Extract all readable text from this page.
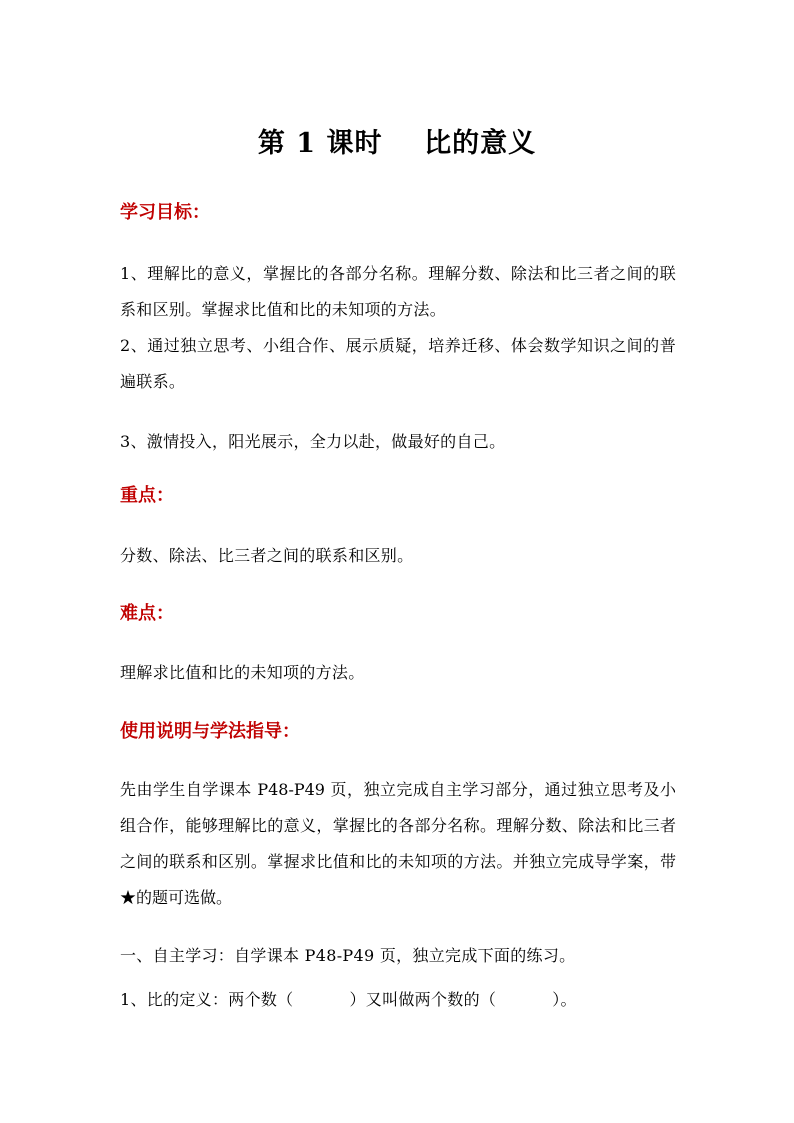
第 1 课时    比的意义
学习目标：
1、理解比的意义，掌握比的各部分名称。理解分数、除法和比三者之间的联系和区别。掌握求比值和比的未知项的方法。
2、通过独立思考、小组合作、展示质疑，培养迁移、体会数学知识之间的普遍联系。
3、激情投入，阳光展示，全力以赴，做最好的自己。
重点：
分数、除法、比三者之间的联系和区别。
难点：
理解求比值和比的未知项的方法。
使用说明与学法指导：
先由学生自学课本 P48-P49 页，独立完成自主学习部分，通过独立思考及小组合作，能够理解比的意义，掌握比的各部分名称。理解分数、除法和比三者之间的联系和区别。掌握求比值和比的未知项的方法。并独立完成导学案，带★的题可选做。
一、自主学习：自学课本 P48-P49 页，独立完成下面的练习。
1、比的定义：两个数（	）又叫做两个数的（	）。
